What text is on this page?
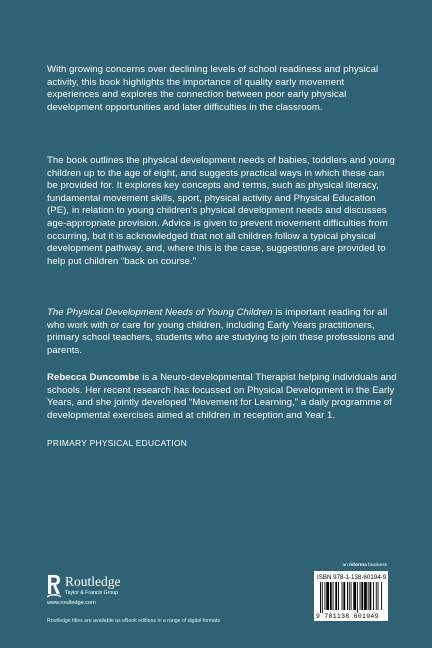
With growing concerns over declining levels of school readiness and physical activity, this book highlights the importance of quality early movement experiences and explores the connection between poor early physical development opportunities and later difficulties in the classroom.
The book outlines the physical development needs of babies, toddlers and young children up to the age of eight, and suggests practical ways in which these can be provided for. It explores key concepts and terms, such as physical literacy, fundamental movement skills, sport, physical activity and Physical Education (PE), in relation to young children’s physical development needs and discusses age-appropriate provision. Advice is given to prevent movement difficulties from occurring, but it is acknowledged that not all children follow a typical physical development pathway, and, where this is the case, suggestions are provided to help put children “back on course.”
The Physical Development Needs of Young Children is important reading for all who work with or care for young children, including Early Years practitioners, primary school teachers, students who are studying to join these professions and parents.
Rebecca Duncombe is a Neuro-developmental Therapist helping individuals and schools. Her recent research has focussed on Physical Development in the Early Years, and she jointly developed “Movement for Learning,” a daily programme of developmental exercises aimed at children in reception and Year 1.
PRIMARY PHYSICAL EDUCATION
Routledge
Taylor & Francis Group
www.routledge.com
Routledge titles are available as eBook editions in a range of digital formats
an informa business
ISBN 978-1-138-60194-9
9 781138 601949
